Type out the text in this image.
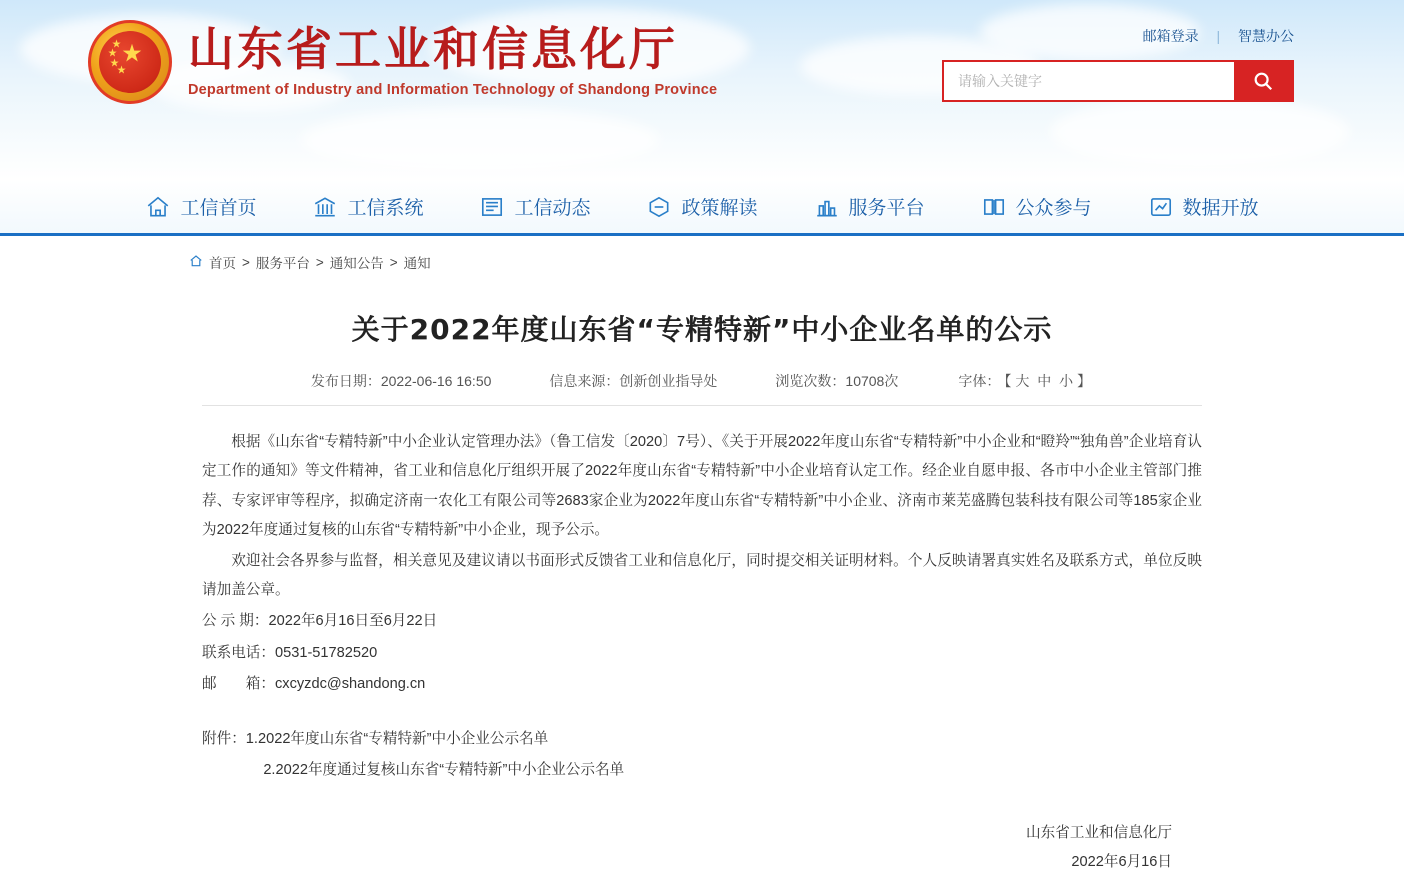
★
★
★
★
★ 山东省工业和信息化厅
Department of Industry and Information Technology of Shandong Province
邮箱登录 | 智慧办公
请输入关键字
工信首页	工信系统	工信动态	政策解读	服务平台	公众参与	数据开放
首页 > 服务平台 > 通知公告 > 通知
关于2022年度山东省“专精特新”中小企业名单的公示
发布日期：2022-06-16 16:50	信息来源：创新创业指导处	浏览次数：10708次	字体： 【 大 中 小 】

根据《山东省“专精特新”中小企业认定管理办法》（鲁工信发〔2020〕7号）、《关于开展2022年度山东省“专精特新”中小企业和“瞪羚”“独角兽”企业培育认定工作的通知》等文件精神，省工业和信息化厅组织开展了2022年度山东省“专精特新”中小企业培育认定工作。经企业自愿申报、各市中小企业主管部门推荐、专家评审等程序，拟确定济南一农化工有限公司等2683家企业为2022年度山东省“专精特新”中小企业、济南市莱芜盛腾包装科技有限公司等185家企业为2022年度通过复核的山东省“专精特新”中小企业，现予公示。

欢迎社会各界参与监督，相关意见及建议请以书面形式反馈省工业和信息化厅，同时提交相关证明材料。个人反映请署真实姓名及联系方式，单位反映请加盖公章。

公 示 期：2022年6月16日至6月22日

联系电话：0531-51782520

邮　　箱：cxcyzdc@shandong.cn

附件：1.2022年度山东省“专精特新”中小企业公示名单

2.2022年度通过复核山东省“专精特新”中小企业公示名单

山东省工业和信息化厅
2022年6月16日
